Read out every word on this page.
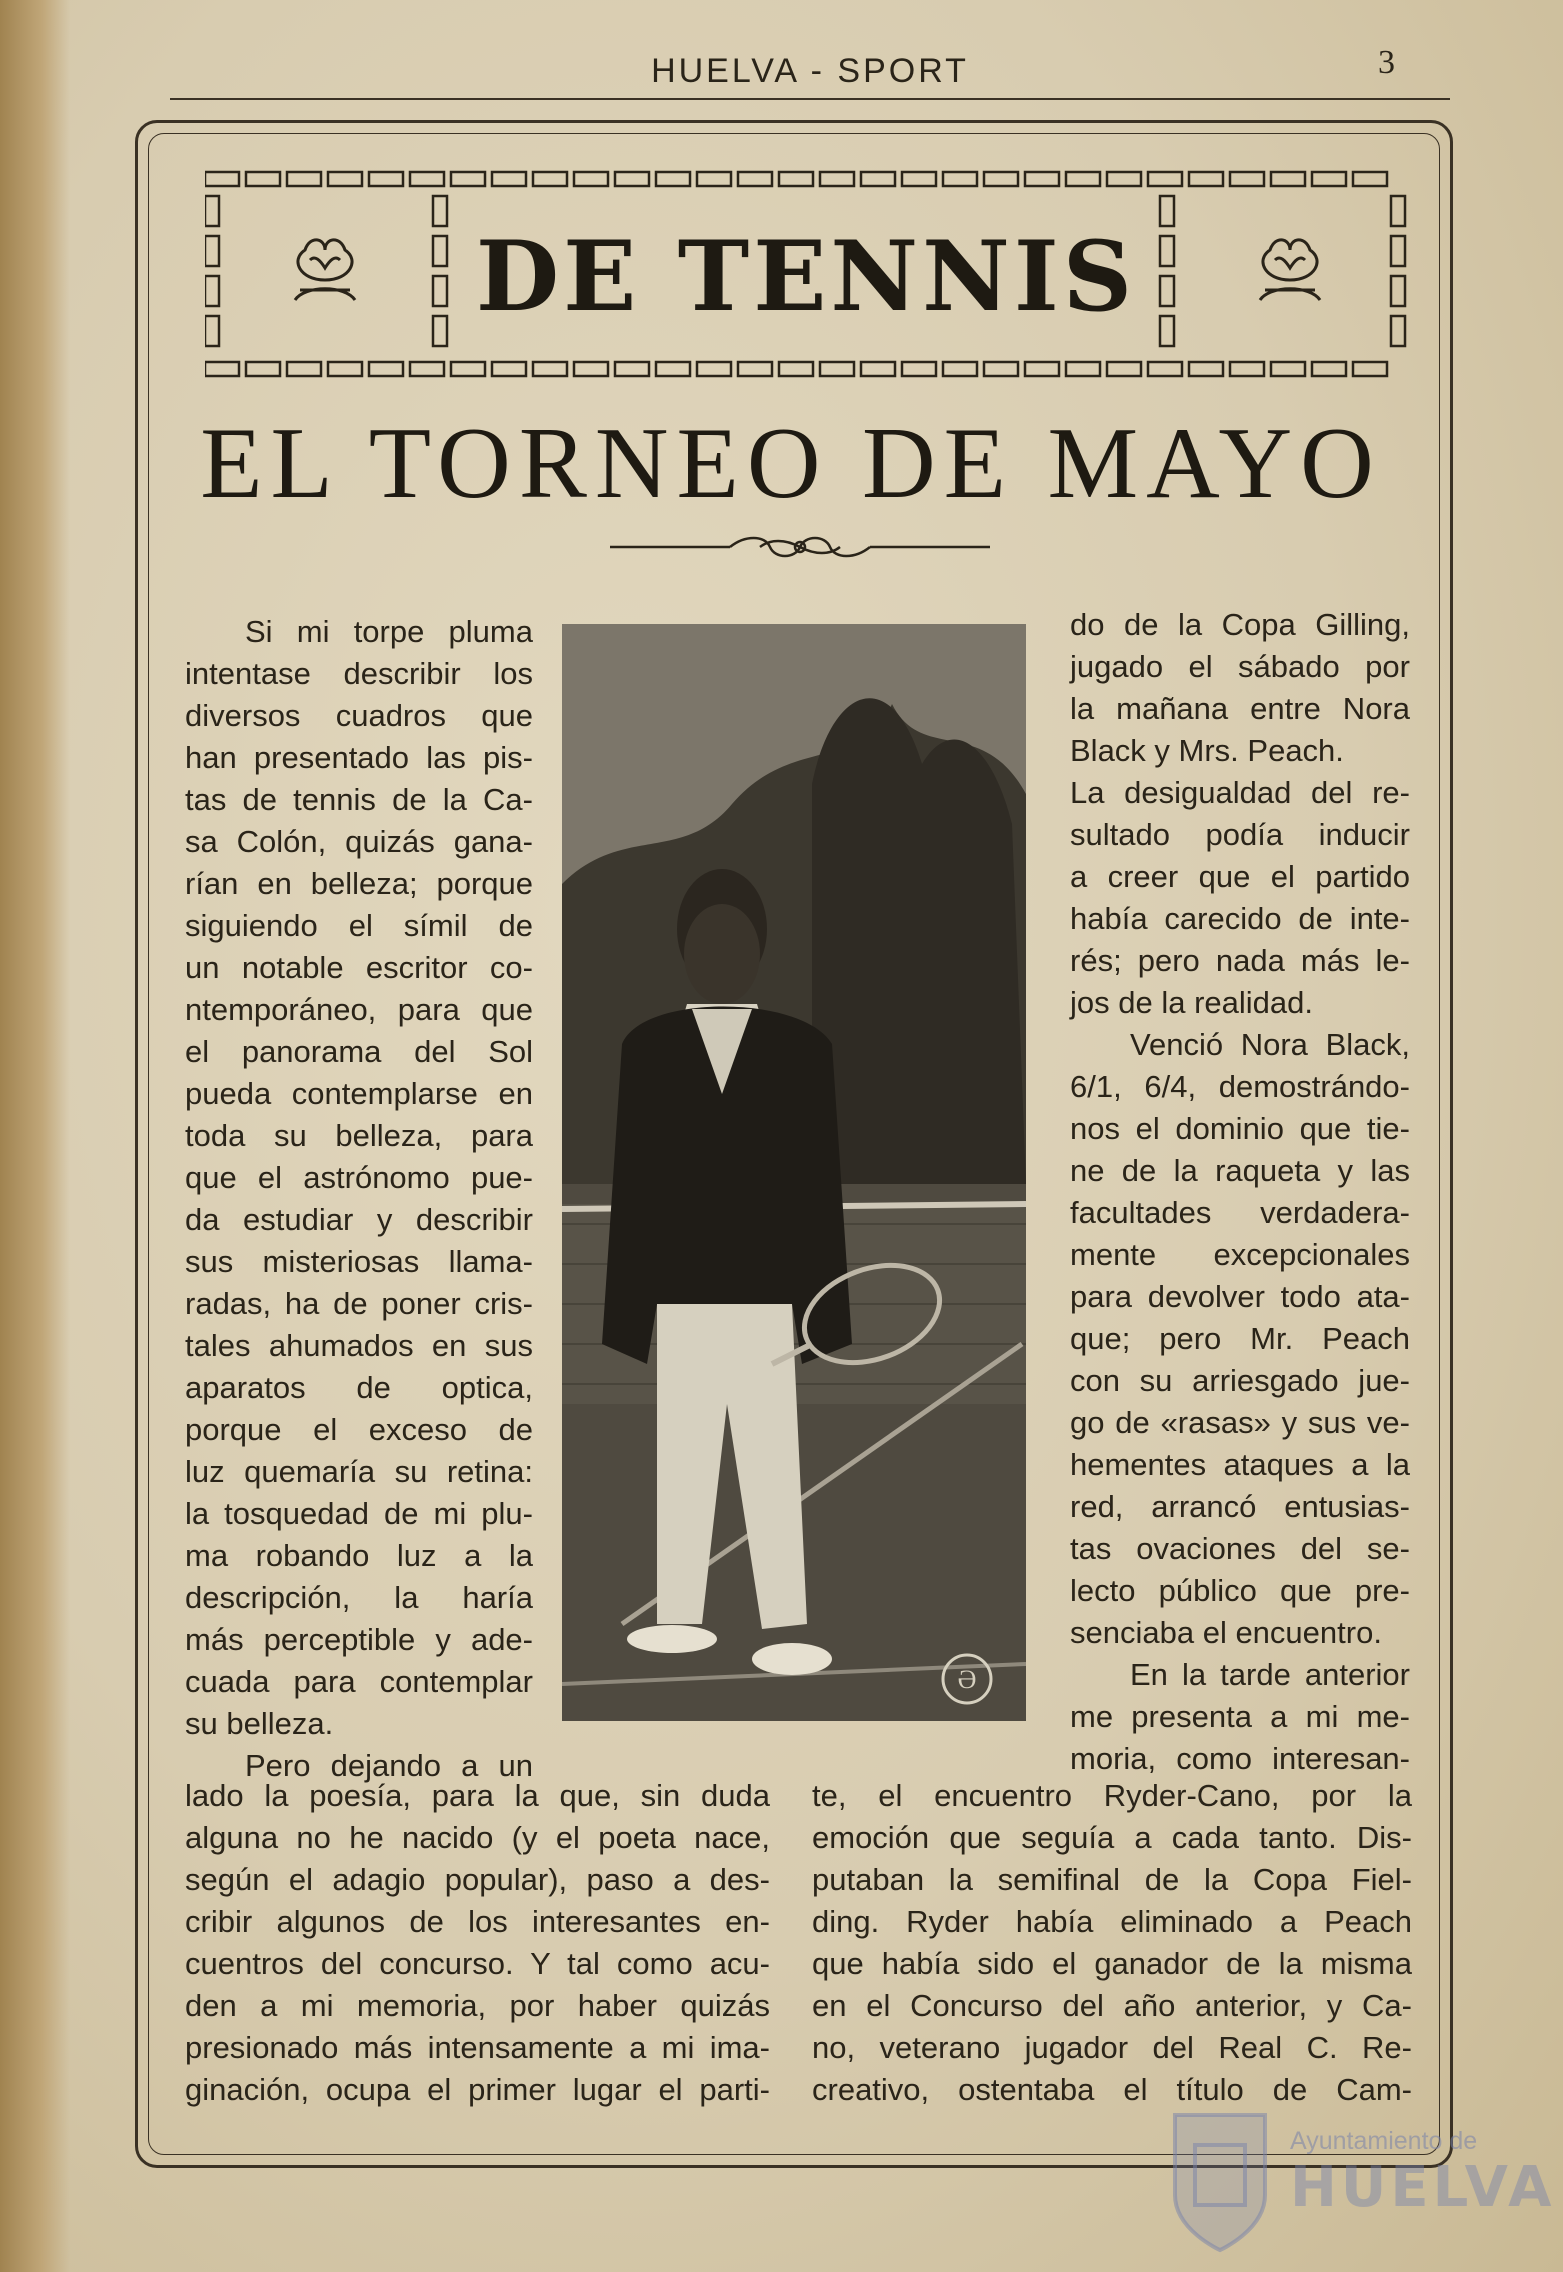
HUELVA - SPORT	3
DE TENNIS
EL TORNEO DE MAYO
Si mi torpe pluma
intentase describir los
diversos cuadros que
han presentado las pis-
tas de tennis de la Ca-
sa Colón, quizás gana-
rían en belleza; porque
siguiendo el símil de
un notable escritor co-
ntemporáneo, para que
el panorama del Sol
pueda contemplarse en
toda su belleza, para
que el astrónomo pue-
da estudiar y describir
sus misteriosas llama-
radas, ha de poner cris-
tales ahumados en sus
aparatos de optica,
porque el exceso de
luz quemaría su retina:
la tosquedad de mi plu-
ma robando luz a la
descripción, la haría
más perceptible y ade-
cuada para contemplar
su belleza.
Pero dejando a un
Ə
do de la Copa Gilling,
jugado el sábado por
la mañana entre Nora
Black y Mrs. Peach.
La desigualdad del re-
sultado podía inducir
a creer que el partido
había carecido de inte-
rés; pero nada más le-
jos de la realidad.
Venció Nora Black,
6/1, 6/4, demostrándo-
nos el dominio que tie-
ne de la raqueta y las
facultades verdadera-
mente excepcionales
para devolver todo ata-
que; pero Mr. Peach
con su arriesgado jue-
go de «rasas» y sus ve-
hementes ataques a la
red, arrancó entusias-
tas ovaciones del se-
lecto público que pre-
senciaba el encuentro.
En la tarde anterior
me presenta a mi me-
moria, como interesan-
lado la poesía, para la que, sin duda
alguna no he nacido (y el poeta nace,
según el adagio popular), paso a des-
cribir algunos de los interesantes en-
cuentros del concurso. Y tal como acu-
den a mi memoria, por haber quizás
presionado más intensamente a mi ima-
ginación, ocupa el primer lugar el parti-
te, el encuentro Ryder-Cano, por la
emoción que seguía a cada tanto. Dis-
putaban la semifinal de la Copa Fiel-
ding. Ryder había eliminado a Peach
que había sido el ganador de la misma
en el Concurso del año anterior, y Ca-
no, veterano jugador del Real C. Re-
creativo, ostentaba el título de Cam-
Ayuntamiento de
HUELVA
